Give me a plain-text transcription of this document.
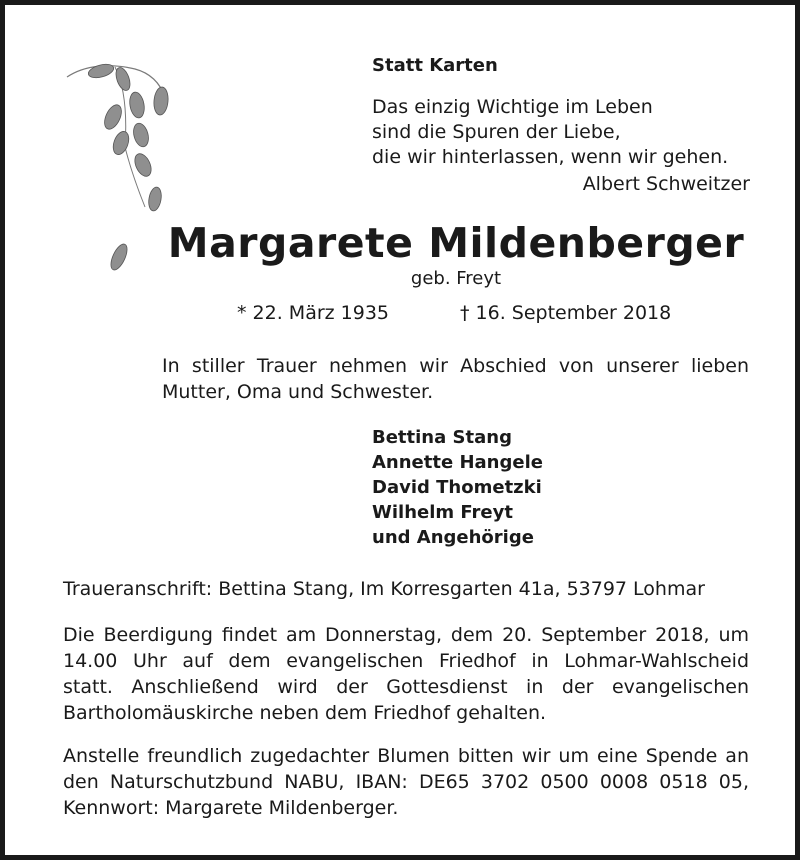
Statt Karten

Das einzig Wichtige im Leben
sind die Spuren der Liebe,
die wir hinterlassen, wenn wir gehen.

Albert Schweitzer

Margarete Mildenberger

geb. Freyt

* 22. März 1935	† 16. September 2018

In stiller Trauer nehmen wir Abschied von unserer lieben
Mutter, Oma und Schwester.
Bettina Stang
Annette Hangele
David Thometzki
Wilhelm Freyt
und Angehörige

Traueranschrift: Bettina Stang, Im Korresgarten 41a, 53797 Lohmar

Die Beerdigung findet am Donnerstag, dem 20. September 2018, um
14.00 Uhr auf dem evangelischen Friedhof in Lohmar-Wahlscheid
statt. Anschließend wird der Gottesdienst in der evangelischen
Bartholomäuskirche neben dem Friedhof gehalten.
Anstelle freundlich zugedachter Blumen bitten wir um eine Spende an
den Naturschutzbund NABU, IBAN: DE65 3702 0500 0008 0518 05,
Kennwort: Margarete Mildenberger.
